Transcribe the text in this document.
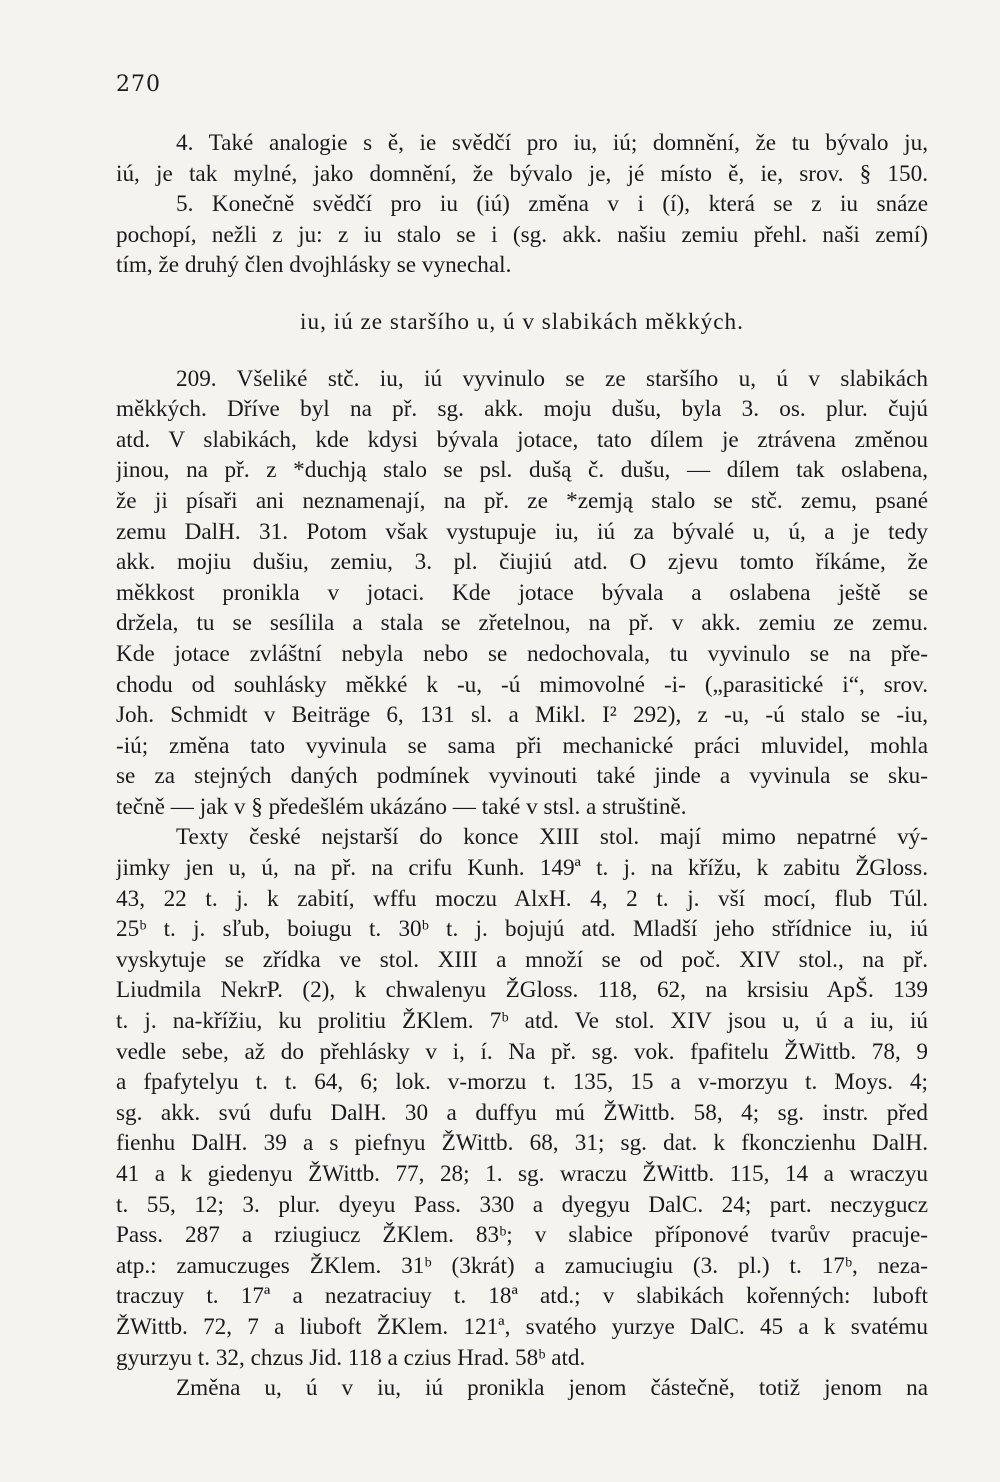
270
4. Také analogie s ě, ie svědčí pro iu, iú; domnění, že tu bývalo ju,
iú, je tak mylné, jako domnění, že bývalo je, jé místo ě, ie, srov. § 150.
5. Konečně svědčí pro iu (iú) změna v i (í), která se z iu snáze
pochopí, nežli z ju: z iu stalo se i (sg. akk. našiu zemiu přehl. naši zemí)
tím, že druhý člen dvojhlásky se vynechal.
iu, iú ze staršího u, ú v slabikách měkkých.
209. Všeliké stč. iu, iú vyvinulo se ze staršího u, ú v slabikách
měkkých. Dříve byl na př. sg. akk. moju dušu, byla 3. os. plur. čujú
atd. V slabikách, kde kdysi bývala jotace, tato dílem je ztrávena změnou
jinou, na př. z *duchją stalo se psl. dušą č. dušu, — dílem tak oslabena,
že ji písaři ani neznamenají, na př. ze *zemją stalo se stč. zemu, psané
zemu DalH. 31. Potom však vystupuje iu, iú za bývalé u, ú, a je tedy
akk. mojiu dušiu, zemiu, 3. pl. čiujiú atd. O zjevu tomto říkáme, že
měkkost pronikla v jotaci. Kde jotace bývala a oslabena ještě se
držela, tu se sesílila a stala se zřetelnou, na př. v akk. zemiu ze zemu.
Kde jotace zvláštní nebyla nebo se nedochovala, tu vyvinulo se na pře-
chodu od souhlásky měkké k -u, -ú mimovolné -i- („parasitické i“, srov.
Joh. Schmidt v Beiträge 6, 131 sl. a Mikl. I² 292), z -u, -ú stalo se -iu,
-iú; změna tato vyvinula se sama při mechanické práci mluvidel, mohla
se za stejných daných podmínek vyvinouti také jinde a vyvinula se sku-
tečně — jak v § předešlém ukázáno — také v stsl. a struštině.
Texty české nejstarší do konce XIII stol. mají mimo nepatrné vý-
jimky jen u, ú, na př. na crifu Kunh. 149ª t. j. na křížu, k zabitu ŽGloss.
43, 22 t. j. k zabití, wffu moczu AlxH. 4, 2 t. j. vší mocí, flub Túl.
25ᵇ t. j. sľub, boiugu t. 30ᵇ t. j. bojujú atd. Mladší jeho střídnice iu, iú
vyskytuje se zřídka ve stol. XIII a množí se od poč. XIV stol., na př.
Liudmila NekrP. (2), k chwalenyu ŽGloss. 118, 62, na krsisiu ApŠ. 139
t. j. na-křížiu, ku prolitiu ŽKlem. 7ᵇ atd. Ve stol. XIV jsou u, ú a iu, iú
vedle sebe, až do přehlásky v i, í. Na př. sg. vok. fpafitelu ŽWittb. 78, 9
a fpafytelyu t. t. 64, 6; lok. v-morzu t. 135, 15 a v-morzyu t. Moys. 4;
sg. akk. svú dufu DalH. 30 a duffyu mú ŽWittb. 58, 4; sg. instr. před
fienhu DalH. 39 a s piefnyu ŽWittb. 68, 31; sg. dat. k fkonczienhu DalH.
41 a k giedenyu ŽWittb. 77, 28; 1. sg. wraczu ŽWittb. 115, 14 a wraczyu
t. 55, 12; 3. plur. dyeyu Pass. 330 a dyegyu DalC. 24; part. neczygucz
Pass. 287 a rziugiucz ŽKlem. 83ᵇ; v slabice příponové tvarův pracuje-
atp.: zamuczuges ŽKlem. 31ᵇ (3krát) a zamuciugiu (3. pl.) t. 17ᵇ, neza-
traczuy t. 17ª a nezatraciuy t. 18ª atd.; v slabikách kořenných: luboft
ŽWittb. 72, 7 a liuboft ŽKlem. 121ª, svatého yurzye DalC. 45 a k svatému
gyurzyu t. 32, chzus Jid. 118 a czius Hrad. 58ᵇ atd.
Změna u, ú v iu, iú pronikla jenom částečně, totiž jenom na
